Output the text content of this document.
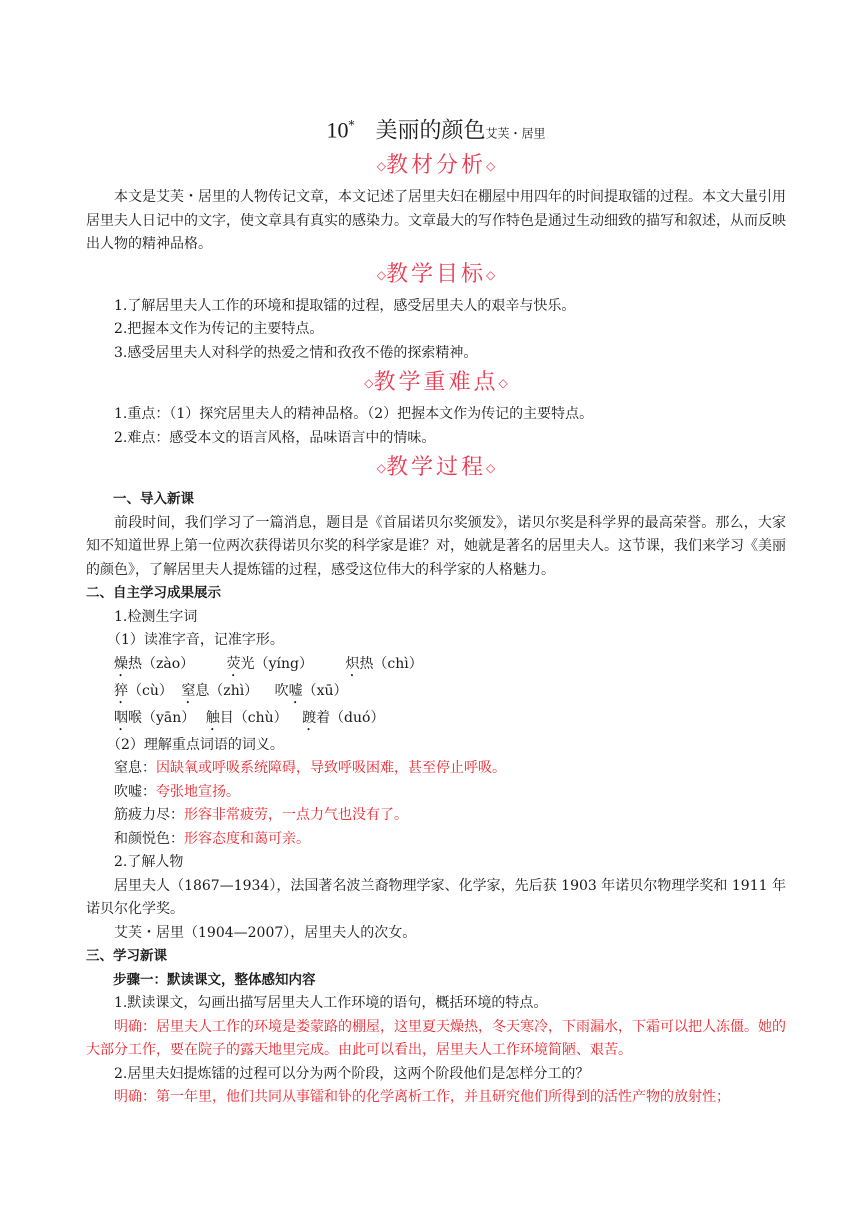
10* 美丽的颜色艾芙・居里
◇教材分析◇

本文是艾芙・居里的人物传记文章，本文记述了居里夫妇在棚屋中用四年的时间提取镭的过程。本文大量引用居里夫人日记中的文字，使文章具有真实的感染力。文章最大的写作特色是通过生动细致的描写和叙述，从而反映出人物的精神品格。

◇教学目标◇

1.了解居里夫人工作的环境和提取镭的过程，感受居里夫人的艰辛与快乐。

2.把握本文作为传记的主要特点。

3.感受居里夫人对科学的热爱之情和孜孜不倦的探索精神。

◇教学重难点◇

1.重点：（1）探究居里夫人的精神品格。（2）把握本文作为传记的主要特点。

2.难点：感受本文的语言风格，品味语言中的情味。

◇教学过程◇

一、导入新课

前段时间，我们学习了一篇消息，题目是《首届诺贝尔奖颁发》，诺贝尔奖是科学界的最高荣誉。那么，大家知不知道世界上第一位两次获得诺贝尔奖的科学家是谁？对，她就是著名的居里夫人。这节课，我们来学习《美丽的颜色》，了解居里夫人提炼镭的过程，感受这位伟大的科学家的人格魅力。

二、自主学习成果展示

1.检测生字词

（1）读准字音，记准字形。

燥热（zào） 荧光（yíng） 炽热（chì）

猝（cù） 窒息（zhì） 吹嘘（xū）

咽喉（yān） 触目（chù） 踱着（duó）

（2）理解重点词语的词义。

窒息：因缺氧或呼吸系统障碍，导致呼吸困难，甚至停止呼吸。

吹嘘：夸张地宣扬。

筋疲力尽：形容非常疲劳，一点力气也没有了。

和颜悦色：形容态度和蔼可亲。

2.了解人物

居里夫人（1867—1934），法国著名波兰裔物理学家、化学家，先后获 1903 年诺贝尔物理学奖和 1911 年诺贝尔化学奖。

艾芙・居里（1904—2007），居里夫人的次女。

三、学习新课

步骤一：默读课文，整体感知内容

1.默读课文，勾画出描写居里夫人工作环境的语句，概括环境的特点。

明确：居里夫人工作的环境是娄蒙路的棚屋，这里夏天燥热，冬天寒冷，下雨漏水，下霜可以把人冻僵。她的大部分工作，要在院子的露天地里完成。由此可以看出，居里夫人工作环境简陋、艰苦。

2.居里夫妇提炼镭的过程可以分为两个阶段，这两个阶段他们是怎样分工的？

明确：第一年里，他们共同从事镭和钋的化学离析工作，并且研究他们所得到的活性产物的放射性；
